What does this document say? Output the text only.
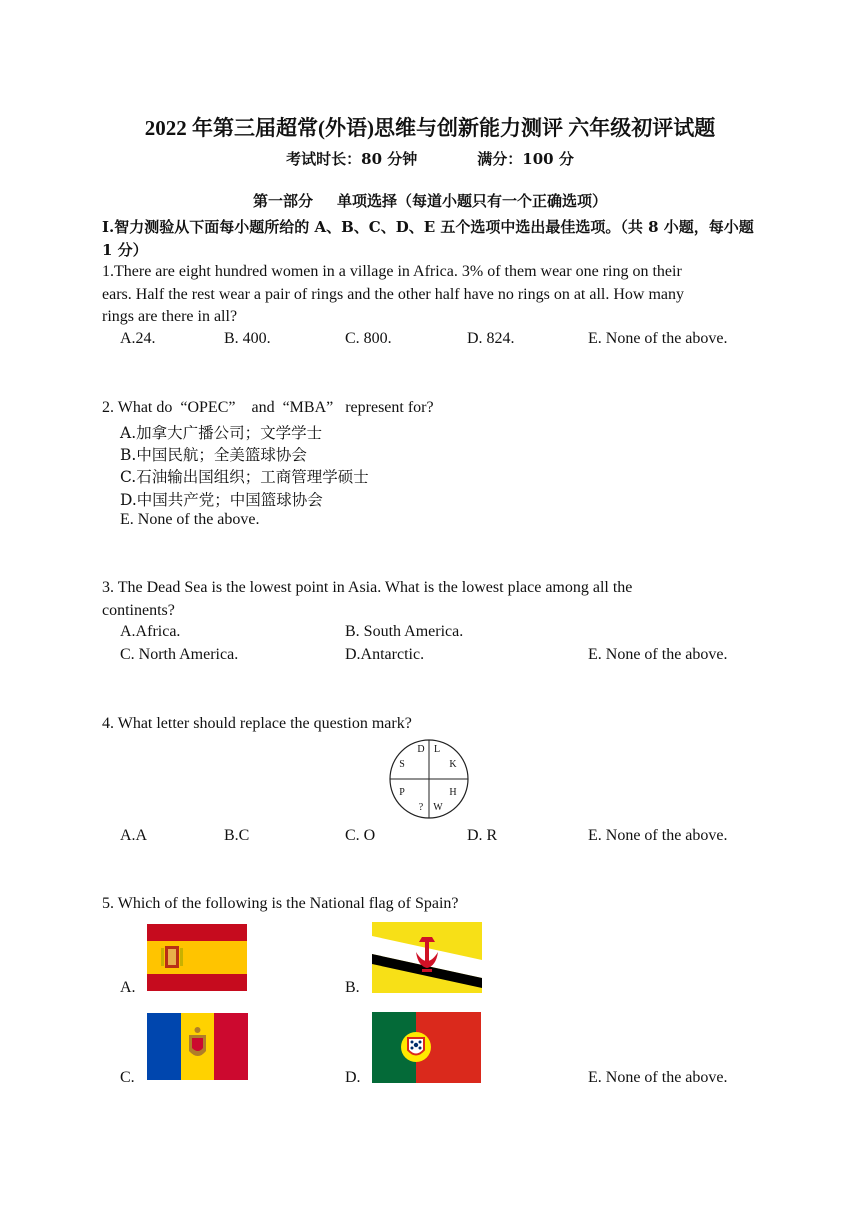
2022 年第三届超常(外语)思维与创新能力测评 六年级初评试题
考试时长：80 分钟	满分：100 分
第一部分 单项选择（每道小题只有一个正确选项）
I.智力测验从下面每小题所给的 A、B、C、D、E 五个选项中选出最佳选项。（共 8 小题，每小题 1 分）
1.There are eight hundred women in a village in Africa. 3% of them wear one ring on their
ears. Half the rest wear a pair of rings and the other half have no rings on at all. How many
rings are there in all?
A.24.	B. 400.	C. 800.	D. 824.	E. None of the above.
2. What do  “OPEC”    and  “MBA”   represent for?
A.加拿大广播公司；文学学士
B.中国民航；全美篮球协会
C.石油输出国组织；工商管理学硕士
D.中国共产党；中国篮球协会
E. None of the above.
3. The Dead Sea is the lowest point in Asia. What is the lowest place among all the
continents?
A.Africa.	B. South America.
C. North America.	D.Antarctic.	E. None of the above.
4. What letter should replace the question mark?
D L
S	K
P	H
? W
A.A	B.C	C. O	D. R	E. None of the above.
5. Which of the following is the National flag of Spain?
A.	B.
C.	D.	E. None of the above.
